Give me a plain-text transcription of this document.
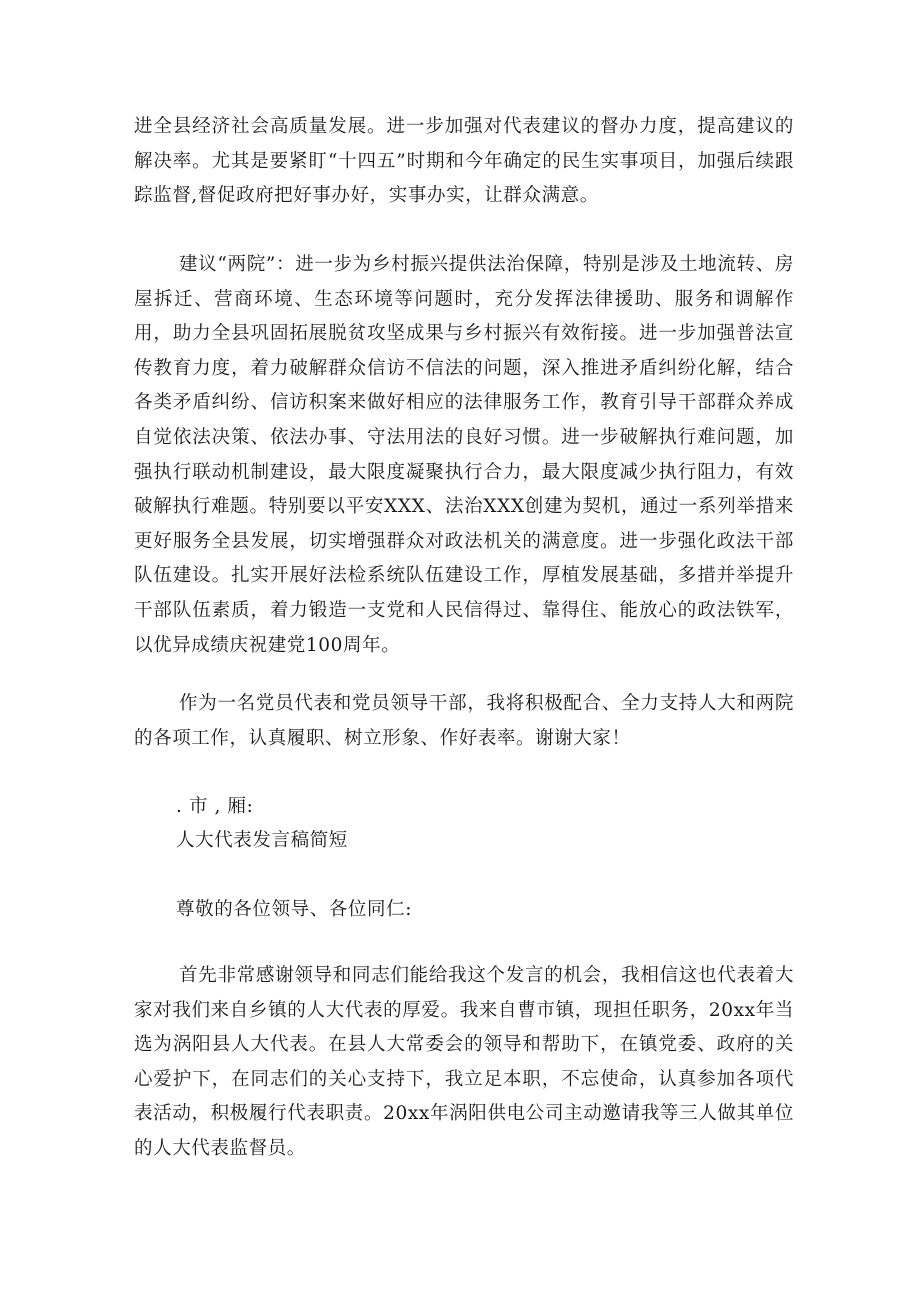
进全县经济社会高质量发展。进一步加强对代表建议的督办力度，提高建议的解决率。尤其是要紧盯“十四五”时期和今年确定的民生实事项目，加强后续跟踪监督,督促政府把好事办好，实事办实，让群众满意。

建议“两院”：进一步为乡村振兴提供法治保障，特别是涉及土地流转、房屋拆迁、营商环境、生态环境等问题时，充分发挥法律援助、服务和调解作用，助力全县巩固拓展脱贫攻坚成果与乡村振兴有效衔接。进一步加强普法宣传教育力度，着力破解群众信访不信法的问题，深入推进矛盾纠纷化解，结合各类矛盾纠纷、信访积案来做好相应的法律服务工作，教育引导干部群众养成自觉依法决策、依法办事、守法用法的良好习惯。进一步破解执行难问题，加强执行联动机制建设，最大限度凝聚执行合力，最大限度减少执行阻力，有效破解执行难题。特别要以平安XXX、法治XXX创建为契机，通过一系列举措来更好服务全县发展，切实增强群众对政法机关的满意度。进一步强化政法干部队伍建设。扎实开展好法检系统队伍建设工作，厚植发展基础，多措并举提升干部队伍素质，着力锻造一支党和人民信得过、靠得住、能放心的政法铁军，以优异成绩庆祝建党100周年。

作为一名党员代表和党员领导干部，我将积极配合、全力支持人大和两院的各项工作，认真履职、树立形象、作好表率。谢谢大家！

. 市 , 厢:

人大代表发言稿简短

尊敬的各位领导、各位同仁:

首先非常感谢领导和同志们能给我这个发言的机会，我相信这也代表着大家对我们来自乡镇的人大代表的厚爱。我来自曹市镇，现担任职务，20xx年当选为涡阳县人大代表。在县人大常委会的领导和帮助下，在镇党委、政府的关心爱护下，在同志们的关心支持下，我立足本职，不忘使命，认真参加各项代表活动，积极履行代表职责。20xx年涡阳供电公司主动邀请我等三人做其单位的人大代表监督员。
